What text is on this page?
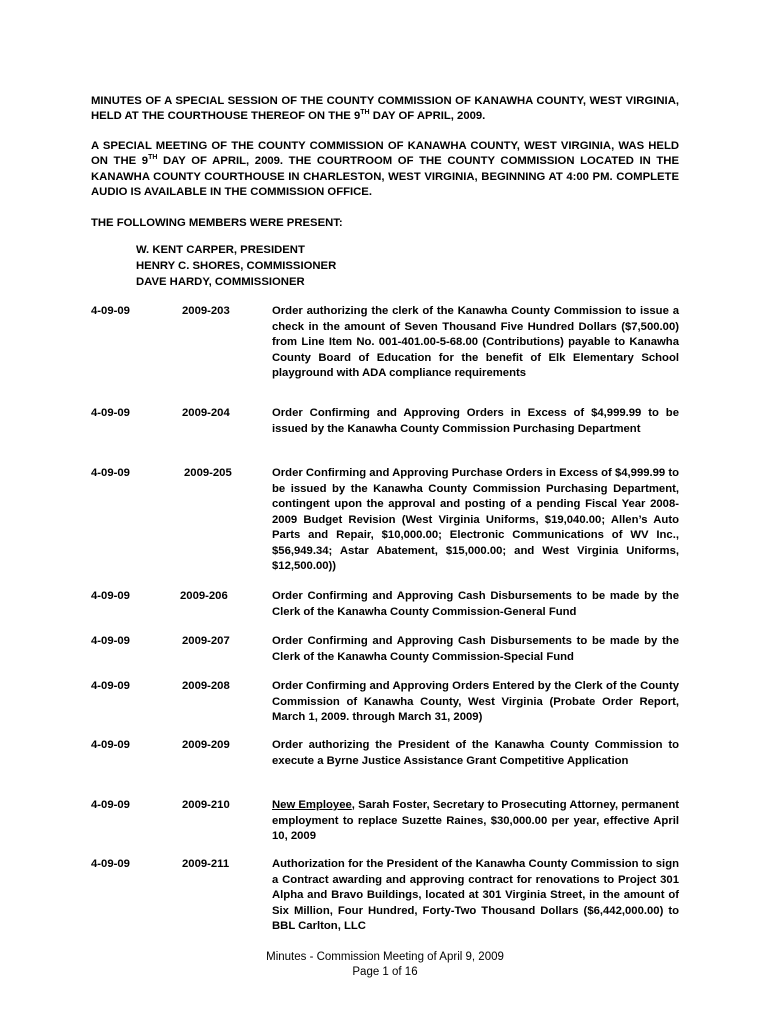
MINUTES OF A SPECIAL SESSION OF THE COUNTY COMMISSION OF KANAWHA COUNTY, WEST VIRGINIA, HELD AT THE COURTHOUSE THEREOF ON THE 9TH DAY OF APRIL, 2009.
A SPECIAL MEETING OF THE COUNTY COMMISSION OF KANAWHA COUNTY, WEST VIRGINIA, WAS HELD ON THE 9TH DAY OF APRIL, 2009. THE COURTROOM OF THE COUNTY COMMISSION LOCATED IN THE KANAWHA COUNTY COURTHOUSE IN CHARLESTON, WEST VIRGINIA, BEGINNING AT 4:00 PM. COMPLETE AUDIO IS AVAILABLE IN THE COMMISSION OFFICE.
THE FOLLOWING MEMBERS WERE PRESENT:
W. KENT CARPER, PRESIDENT
HENRY C. SHORES, COMMISSIONER
DAVE HARDY, COMMISSIONER
4-09-09	2009-203	Order authorizing the clerk of the Kanawha County Commission to issue a check in the amount of Seven Thousand Five Hundred Dollars ($7,500.00) from Line Item No. 001-401.00-5-68.00 (Contributions) payable to Kanawha County Board of Education for the benefit of Elk Elementary School playground with ADA compliance requirements
4-09-09	2009-204	Order Confirming and Approving Orders in Excess of $4,999.99 to be issued by the Kanawha County Commission Purchasing Department
4-09-09	2009-205	Order Confirming and Approving Purchase Orders in Excess of $4,999.99 to be issued by the Kanawha County Commission Purchasing Department, contingent upon the approval and posting of a pending Fiscal Year 2008-2009 Budget Revision (West Virginia Uniforms, $19,040.00; Allen’s Auto Parts and Repair, $10,000.00; Electronic Communications of WV Inc., $56,949.34; Astar Abatement, $15,000.00; and West Virginia Uniforms, $12,500.00))
4-09-09	2009-206	Order Confirming and Approving Cash Disbursements to be made by the Clerk of the Kanawha County Commission-General Fund
4-09-09	2009-207	Order Confirming and Approving Cash Disbursements to be made by the Clerk of the Kanawha County Commission-Special Fund
4-09-09	2009-208	Order Confirming and Approving Orders Entered by the Clerk of the County Commission of Kanawha County, West Virginia (Probate Order Report, March 1, 2009. through March 31, 2009)
4-09-09	2009-209	Order authorizing the President of the Kanawha County Commission to execute a Byrne Justice Assistance Grant Competitive Application
4-09-09	2009-210	New Employee, Sarah Foster, Secretary to Prosecuting Attorney, permanent employment to replace Suzette Raines, $30,000.00 per year, effective April 10, 2009
4-09-09	2009-211	Authorization for the President of the Kanawha County Commission to sign a Contract awarding and approving contract for renovations to Project 301 Alpha and Bravo Buildings, located at 301 Virginia Street, in the amount of Six Million, Four Hundred, Forty-Two Thousand Dollars ($6,442,000.00) to BBL Carlton, LLC
Minutes - Commission Meeting of April 9, 2009
Page 1 of 16
